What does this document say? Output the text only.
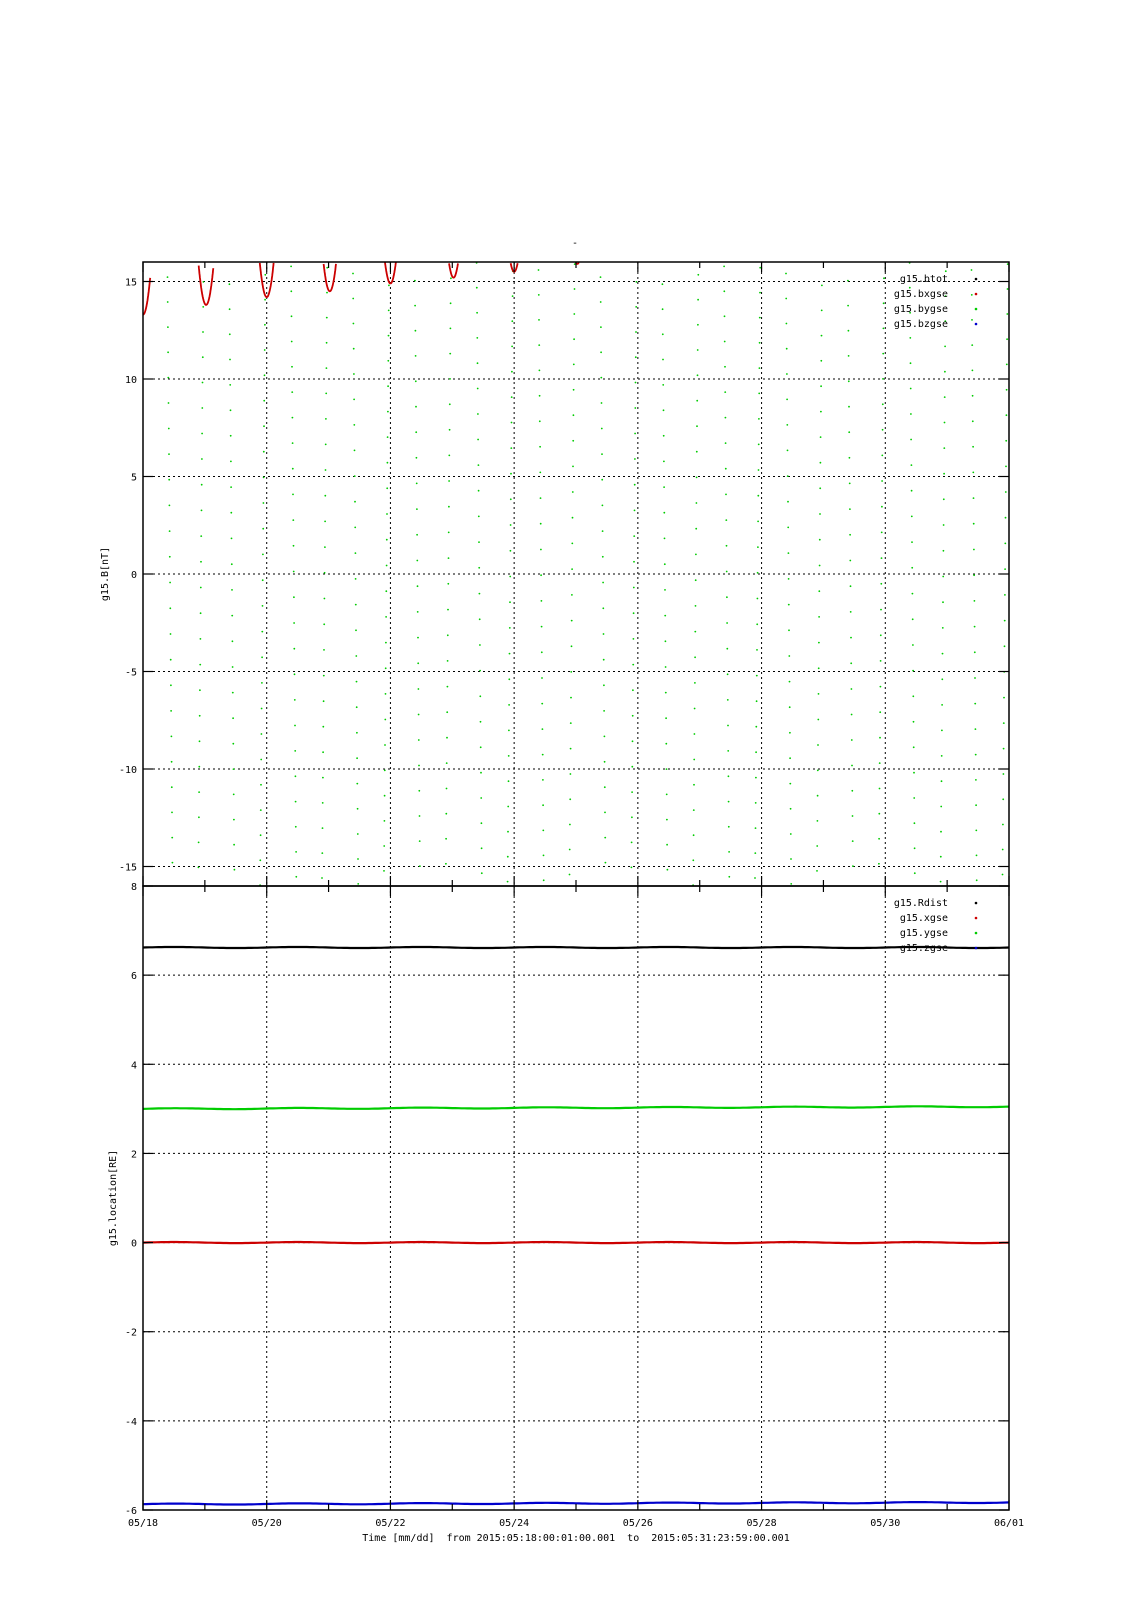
-
15
10
5
0
-5
-10
-15
g15.B[nT]
g15.btot
g15.bxgse
g15.bygse
g15.bzgse
8
6
4
2
0
-2
-4
-6
g15.location[RE]
g15.Rdist
g15.xgse
g15.ygse
g15.zgse
05/18	05/20	05/22	05/24	05/26	05/28	05/30	06/01
Time [mm/dd]  from 2015:05:18:00:01:00.001  to  2015:05:31:23:59:00.001
